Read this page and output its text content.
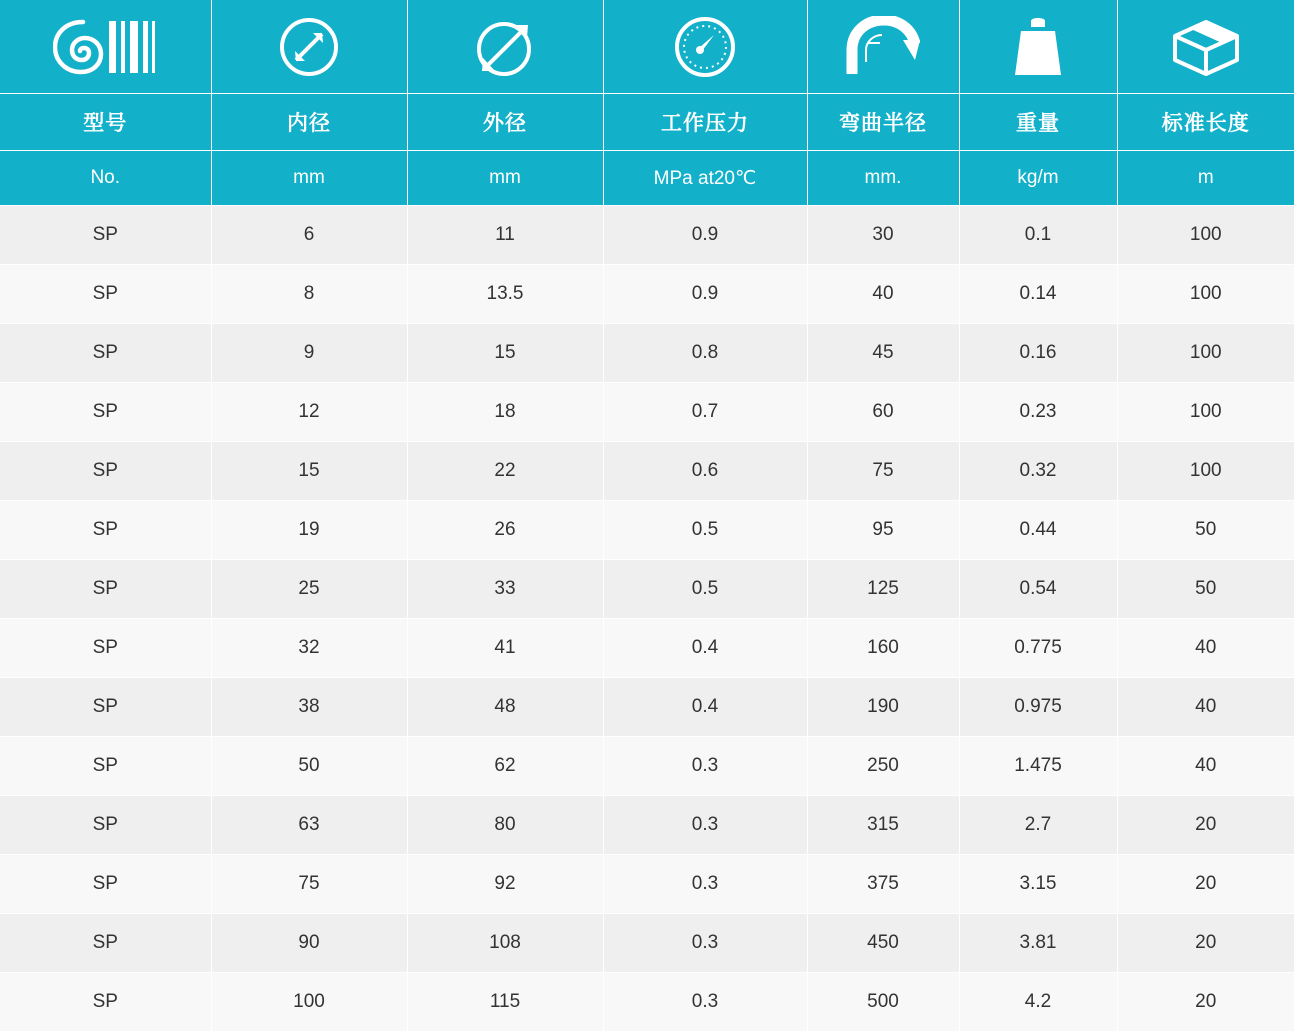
型号	内径	外径	工作压力	弯曲半径	重量	标准长度
No.	mm	mm	MPa at20℃	mm.	kg/m	m
SP	6	11	0.9	30	0.1	100
SP	8	13.5	0.9	40	0.14	100
SP	9	15	0.8	45	0.16	100
SP	12	18	0.7	60	0.23	100
SP	15	22	0.6	75	0.32	100
SP	19	26	0.5	95	0.44	50
SP	25	33	0.5	125	0.54	50
SP	32	41	0.4	160	0.775	40
SP	38	48	0.4	190	0.975	40
SP	50	62	0.3	250	1.475	40
SP	63	80	0.3	315	2.7	20
SP	75	92	0.3	375	3.15	20
SP	90	108	0.3	450	3.81	20
SP	100	115	0.3	500	4.2	20
